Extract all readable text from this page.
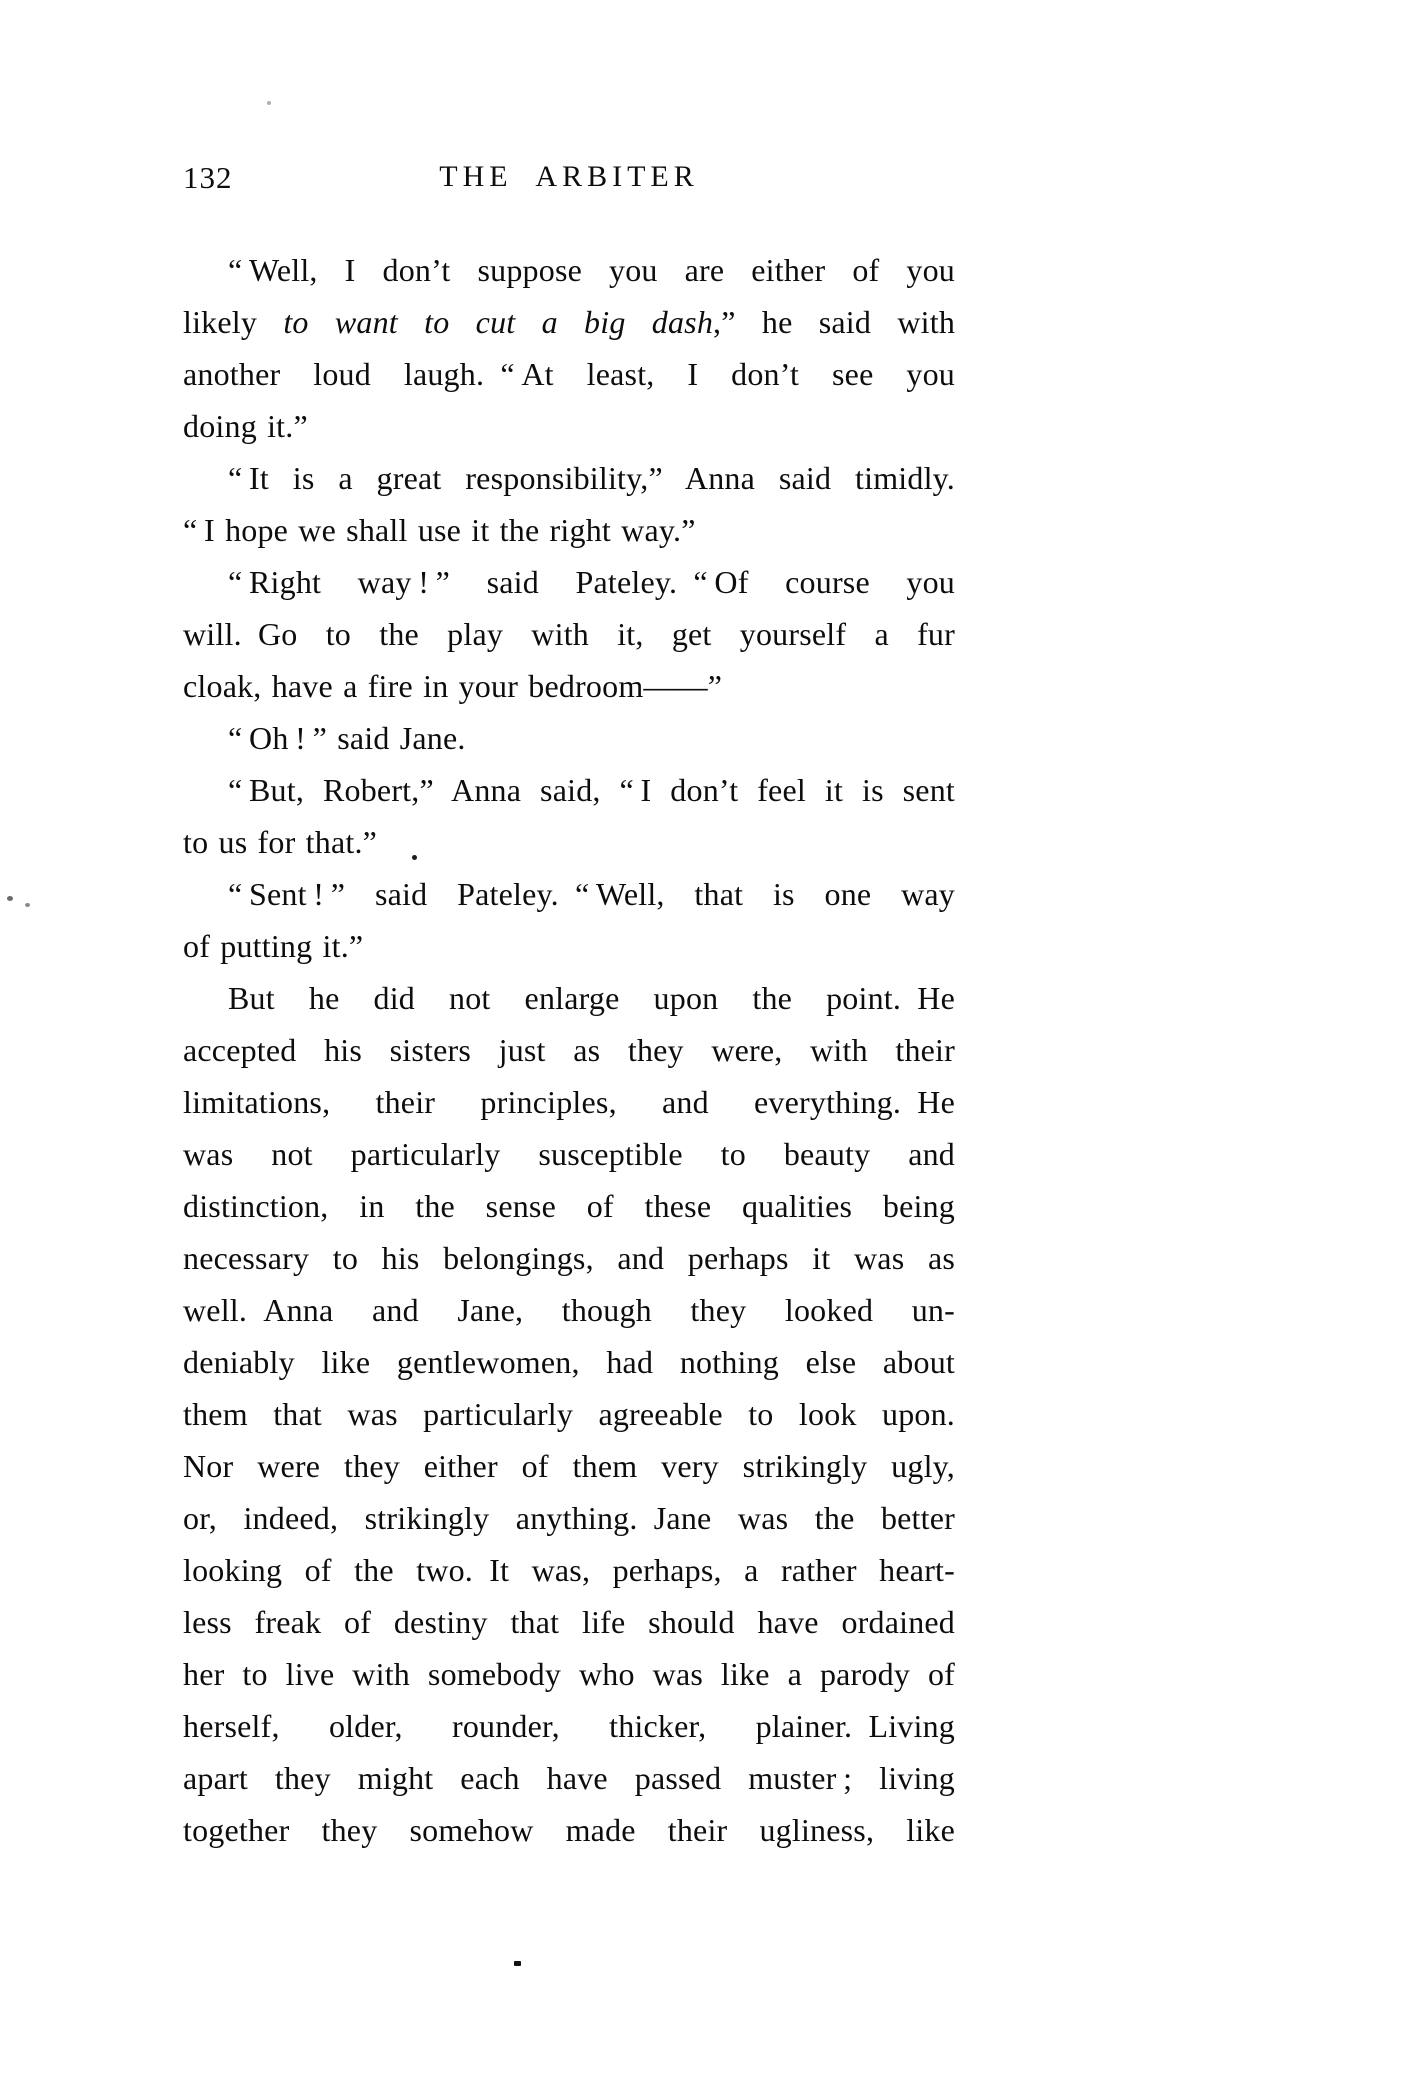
132	THE ARBITER
“ Well, I don’t suppose you are either of you
likely to want to cut a big dash,” he said with
another loud laugh. “ At least, I don’t see you
doing it.”
“ It is a great responsibility,” Anna said timidly.
“ I hope we shall use it the right way.”
“ Right way ! ” said Pateley. “ Of course you
will. Go to the play with it, get yourself a fur
cloak, have a fire in your bedroom——”
“ Oh ! ” said Jane.
“ But, Robert,” Anna said, “ I don’t feel it is sent
to us for that.”
“ Sent ! ” said Pateley. “ Well, that is one way
of putting it.”
But he did not enlarge upon the point. He
accepted his sisters just as they were, with their
limitations, their principles, and everything. He
was not particularly susceptible to beauty and
distinction, in the sense of these qualities being
necessary to his belongings, and perhaps it was as
well. Anna and Jane, though they looked un-
deniably like gentlewomen, had nothing else about
them that was particularly agreeable to look upon.
Nor were they either of them very strikingly ugly,
or, indeed, strikingly anything. Jane was the better
looking of the two. It was, perhaps, a rather heart-
less freak of destiny that life should have ordained
her to live with somebody who was like a parody of
herself, older, rounder, thicker, plainer. Living
apart they might each have passed muster ; living
together they somehow made their ugliness, like
